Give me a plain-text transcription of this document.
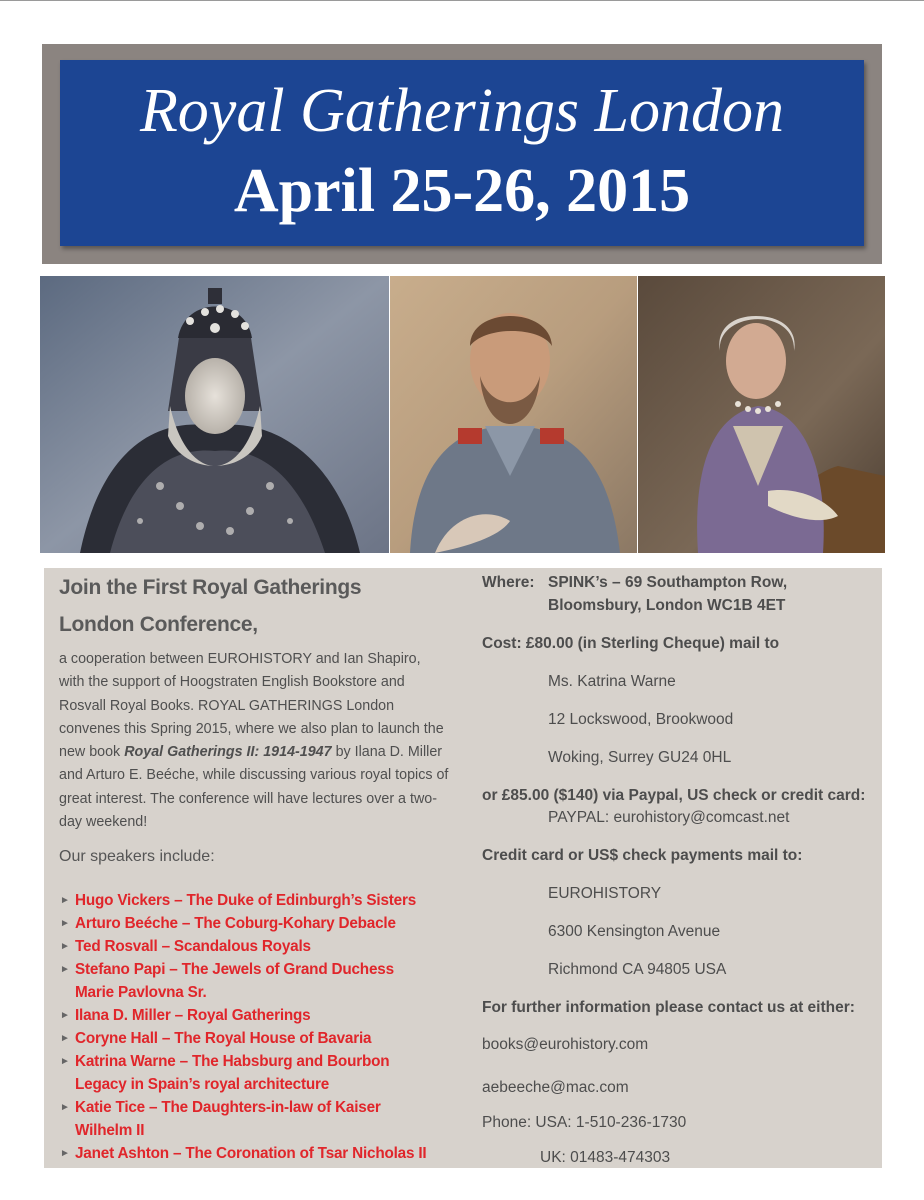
Royal Gatherings London
April 25-26, 2015
Join the First Royal Gatherings
London Conference,

a cooperation between EUROHISTORY and Ian Shapiro, with the support of Hoogstraten English Bookstore and Rosvall Royal Books. ROYAL GATHERINGS London convenes this Spring 2015, where we also plan to launch the new book Royal Gatherings II: 1914-1947 by Ilana D. Miller and Arturo E. Beéche, while discussing various royal topics of great interest. The conference will have lectures over a two-day weekend!

Our speakers include:
► Hugo Vickers – The Duke of Edinburgh’s Sisters
► Arturo Beéche – The Coburg-Kohary Debacle
► Ted Rosvall – Scandalous Royals
► Stefano Papi – The Jewels of Grand Duchess Marie Pavlovna Sr.
► Ilana D. Miller – Royal Gatherings
► Coryne Hall – The Royal House of Bavaria
► Katrina Warne – The Habsburg and Bourbon Legacy in Spain’s royal architecture
► Katie Tice – The Daughters-in-law of Kaiser Wilhelm II
► Janet Ashton – The Coronation of Tsar Nicholas II
Where: SPINK’s – 69 Southampton Row,
Bloomsbury, London WC1B 4ET
Cost: £80.00 (in Sterling Cheque) mail to
Ms. Katrina Warne
12 Lockswood, Brookwood
Woking, Surrey GU24 0HL
or £85.00 ($140) via Paypal, US check or credit card:
PAYPAL: eurohistory@comcast.net
Credit card or US$ check payments mail to:
EUROHISTORY
6300 Kensington Avenue
Richmond CA 94805 USA
For further information please contact us at either:
books@eurohistory.com
aebeeche@mac.com
Phone: USA: 1-510-236-1730
UK: 01483-474303
